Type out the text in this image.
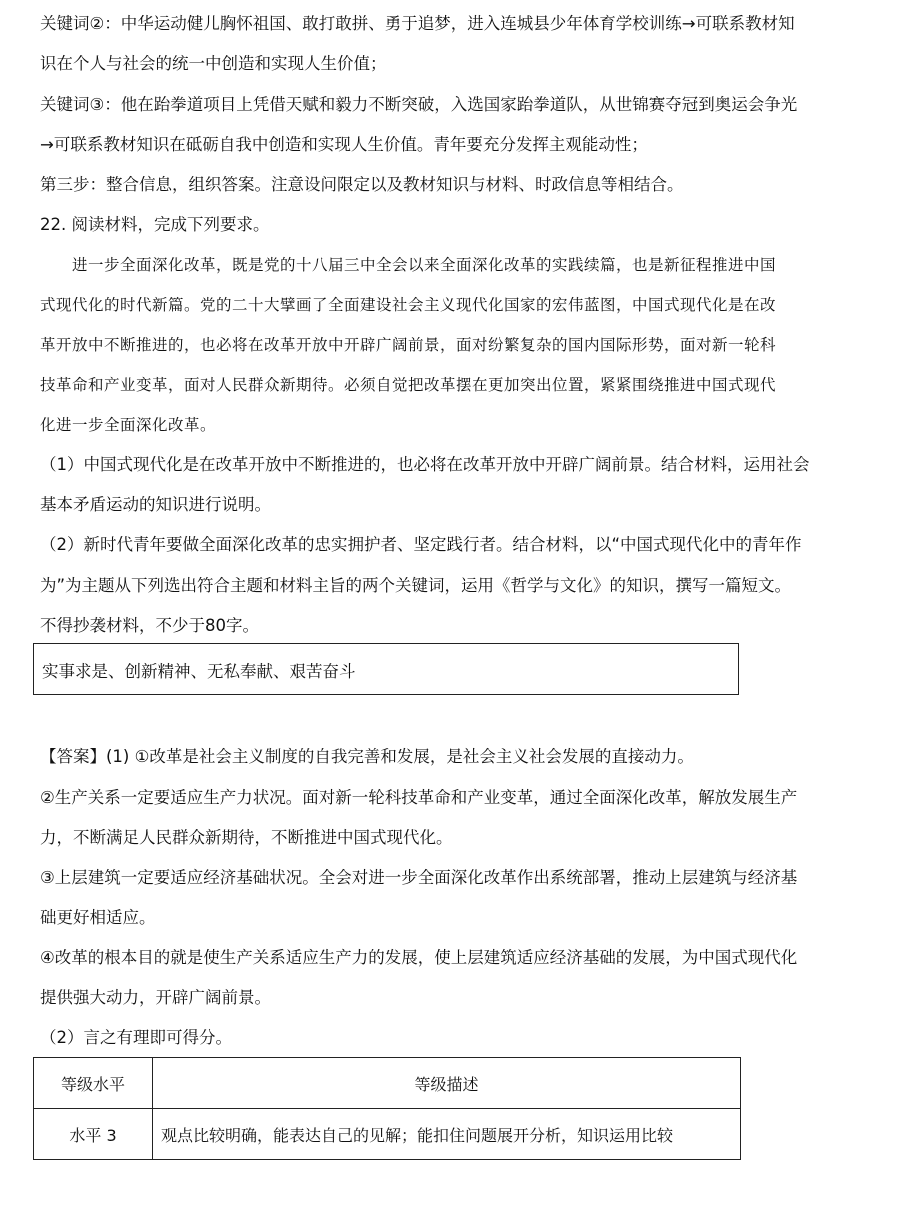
关键词②：中华运动健儿胸怀祖国、敢打敢拼、勇于追梦，进入连城县少年体育学校训练→可联系教材知
识在个人与社会的统一中创造和实现人生价值；
关键词③：他在跆拳道项目上凭借天赋和毅力不断突破，入选国家跆拳道队，从世锦赛夺冠到奥运会争光
→可联系教材知识在砥砺自我中创造和实现人生价值。青年要充分发挥主观能动性；
第三步：整合信息，组织答案。注意设问限定以及教材知识与材料、时政信息等相结合。
22. 阅读材料，完成下列要求。
进一步全面深化改革，既是党的十八届三中全会以来全面深化改革的实践续篇，也是新征程推进中国
式现代化的时代新篇。党的二十大擘画了全面建设社会主义现代化国家的宏伟蓝图，中国式现代化是在改
革开放中不断推进的，也必将在改革开放中开辟广阔前景，面对纷繁复杂的国内国际形势，面对新一轮科
技革命和产业变革，面对人民群众新期待。必须自觉把改革摆在更加突出位置，紧紧围绕推进中国式现代
化进一步全面深化改革。
（1）中国式现代化是在改革开放中不断推进的，也必将在改革开放中开辟广阔前景。结合材料，运用社会
基本矛盾运动的知识进行说明。
（2）新时代青年要做全面深化改革的忠实拥护者、坚定践行者。结合材料，以“中国式现代化中的青年作
为”为主题从下列选出符合主题和材料主旨的两个关键词，运用《哲学与文化》的知识，撰写一篇短文。
不得抄袭材料，不少于80字。
实事求是、创新精神、无私奉献、艰苦奋斗
【答案】(1) ①改革是社会主义制度的自我完善和发展，是社会主义社会发展的直接动力。
②生产关系一定要适应生产力状况。面对新一轮科技革命和产业变革，通过全面深化改革，解放发展生产
力，不断满足人民群众新期待，不断推进中国式现代化。
③上层建筑一定要适应经济基础状况。全会对进一步全面深化改革作出系统部署，推动上层建筑与经济基
础更好相适应。
④改革的根本目的就是使生产关系适应生产力的发展，使上层建筑适应经济基础的发展，为中国式现代化
提供强大动力，开辟广阔前景。
（2）言之有理即可得分。
等级水平	等级描述
水平 3	观点比较明确，能表达自己的见解；能扣住问题展开分析，知识运用比较
